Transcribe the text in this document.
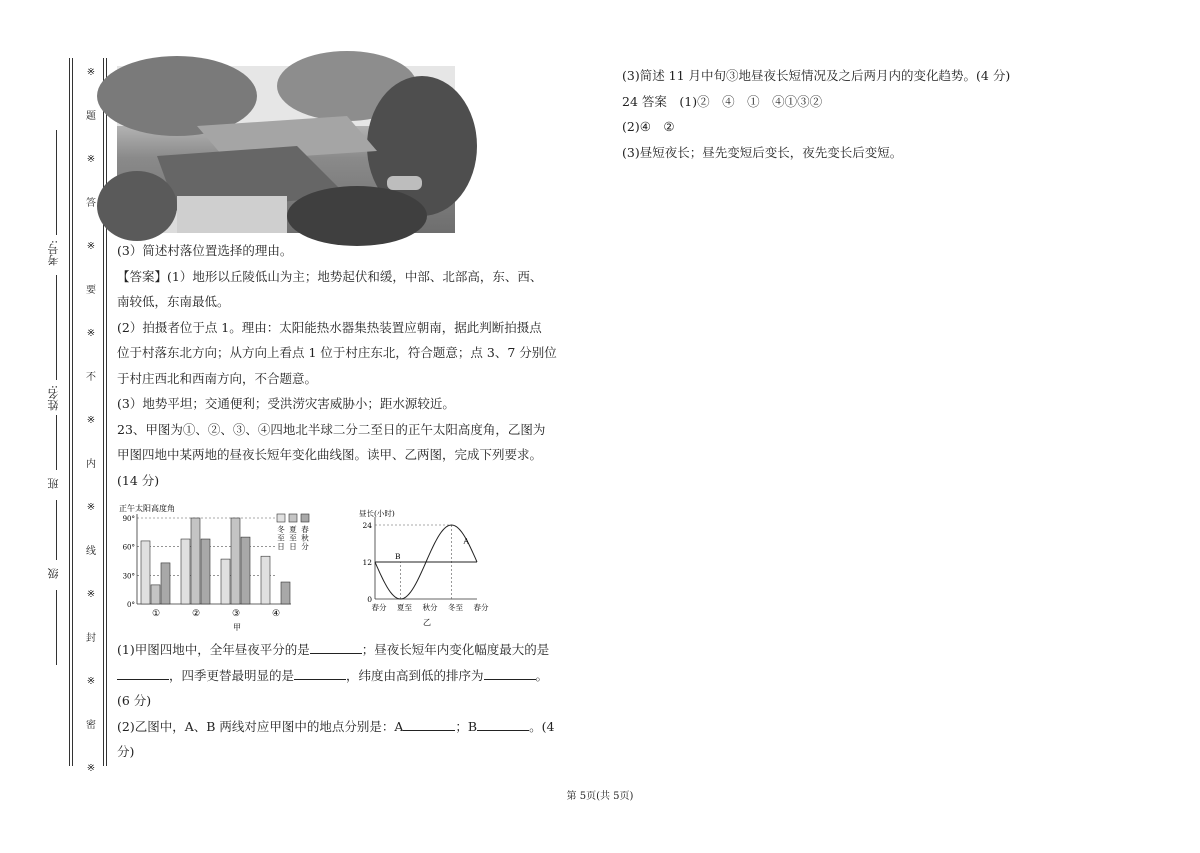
考号:
姓名:
班
级
※
题
※
答
※
要
※
不
※
内
※
线
※
封
※
密
※

(3）简述村落位置选择的理由。

【答案】(1）地形以丘陵低山为主；地势起伏和缓，中部、北部高，东、西、

南较低，东南最低。

(2）拍摄者位于点 1。理由：太阳能热水器集热装置应朝南，据此判断拍摄点

位于村落东北方向；从方向上看点 1 位于村庄东北，符合题意；点 3、7 分别位

于村庄西北和西南方向，不合题意。

(3）地势平坦；交通便利；受洪涝灾害威胁小；距水源较近。

23、甲图为①、②、③、④四地北半球二分二至日的正午太阳高度角，乙图为

甲图四地中某两地的昼夜长短年变化曲线图。读甲、乙两图，完成下列要求。

(14 分)

正午太阳高度角
0°
30°
60°
90°
①	②	③	④
甲
冬
至
日
夏
至
日
春
秋
分
昼长(小时)
0
12
24
A
B
春分 夏至 秋分 冬至 春分
乙

(1)甲图四地中，全年昼夜平分的是	；昼夜长短年内变化幅度最大的是

，四季更替最明显的是	，纬度由高到低的排序为	。

(6 分)

(2)乙图中，A、B 两线对应甲图中的地点分别是：A	；B	。(4

分)

(3)简述 11 月中旬③地昼夜长短情况及之后两月内的变化趋势。(4 分)

24 答案　(1)②　④　①　④①③②

(2)④　②

(3)昼短夜长；昼先变短后变长，夜先变长后变短。

第 5页(共 5页)
